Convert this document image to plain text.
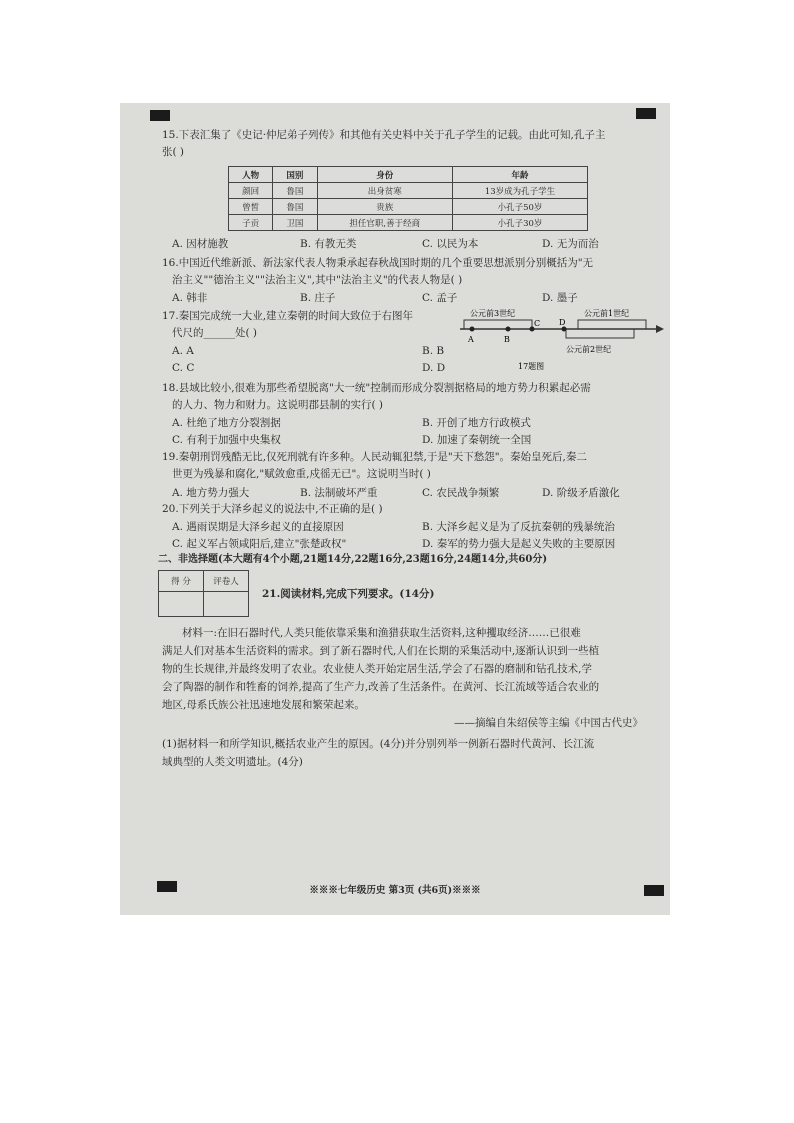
15.下表汇集了《史记·仲尼弟子列传》和其他有关史料中关于孔子学生的记载。由此可知,孔子主
张( )
人物	国别	身份	年龄
颜回	鲁国	出身贫寒	13岁成为孔子学生
曾皙	鲁国	贵族	小孔子50岁
子贡	卫国	担任官职,善于经商	小孔子30岁
A. 因材施教	B. 有教无类	C. 以民为本	D. 无为而治
16.中国近代维新派、新法家代表人物秉承起春秋战国时期的几个重要思想派别分别概括为"无
治主义""德治主义""法治主义",其中"法治主义"的代表人物是( )
A. 韩非	B. 庄子	C. 孟子	D. 墨子
17.秦国完成统一大业,建立秦朝的时间大致位于右图年
代尺的______处( )
A. A	B. B
C. C	D. D
公元前3世纪	公元前1世纪
公元前2世纪
A	B
C D
17题图
18.县域比较小,很难为那些希望脱离"大一统"控制而形成分裂割据格局的地方势力积累起必需
的人力、物力和财力。这说明郡县制的实行( )
A. 杜绝了地方分裂割据	B. 开创了地方行政模式
C. 有利于加强中央集权	D. 加速了秦朝统一全国
19.秦朝刑罚残酷无比,仅死刑就有许多种。人民动辄犯禁,于是"天下愁怨"。秦始皇死后,秦二
世更为残暴和腐化,"赋敛愈重,戍徭无已"。这说明当时( )
A. 地方势力强大	B. 法制破坏严重	C. 农民战争频繁	D. 阶级矛盾激化
20.下列关于大泽乡起义的说法中,不正确的是( )
A. 遇雨误期是大泽乡起义的直接原因	B. 大泽乡起义是为了反抗秦朝的残暴统治
C. 起义军占领咸阳后,建立"张楚政权"	D. 秦军的势力强大是起义失败的主要原因
二、非选择题(本大题有4个小题,21题14分,22题16分,23题16分,24题14分,共60分)
得 分	评卷人

21.阅读材料,完成下列要求。(14分)
材料一:在旧石器时代,人类只能依靠采集和渔猎获取生活资料,这种攫取经济……已很难
满足人们对基本生活资料的需求。到了新石器时代,人们在长期的采集活动中,逐渐认识到一些植
物的生长规律,并最终发明了农业。农业使人类开始定居生活,学会了石器的磨制和钻孔技术,学
会了陶器的制作和牲畜的饲养,提高了生产力,改善了生活条件。在黄河、长江流域等适合农业的
地区,母系氏族公社迅速地发展和繁荣起来。
——摘编自朱绍侯等主编《中国古代史》
(1)据材料一和所学知识,概括农业产生的原因。(4分)并分别列举一例新石器时代黄河、长江流
域典型的人类文明遗址。(4分)
※※※七年级历史 第3页 (共6页)※※※
